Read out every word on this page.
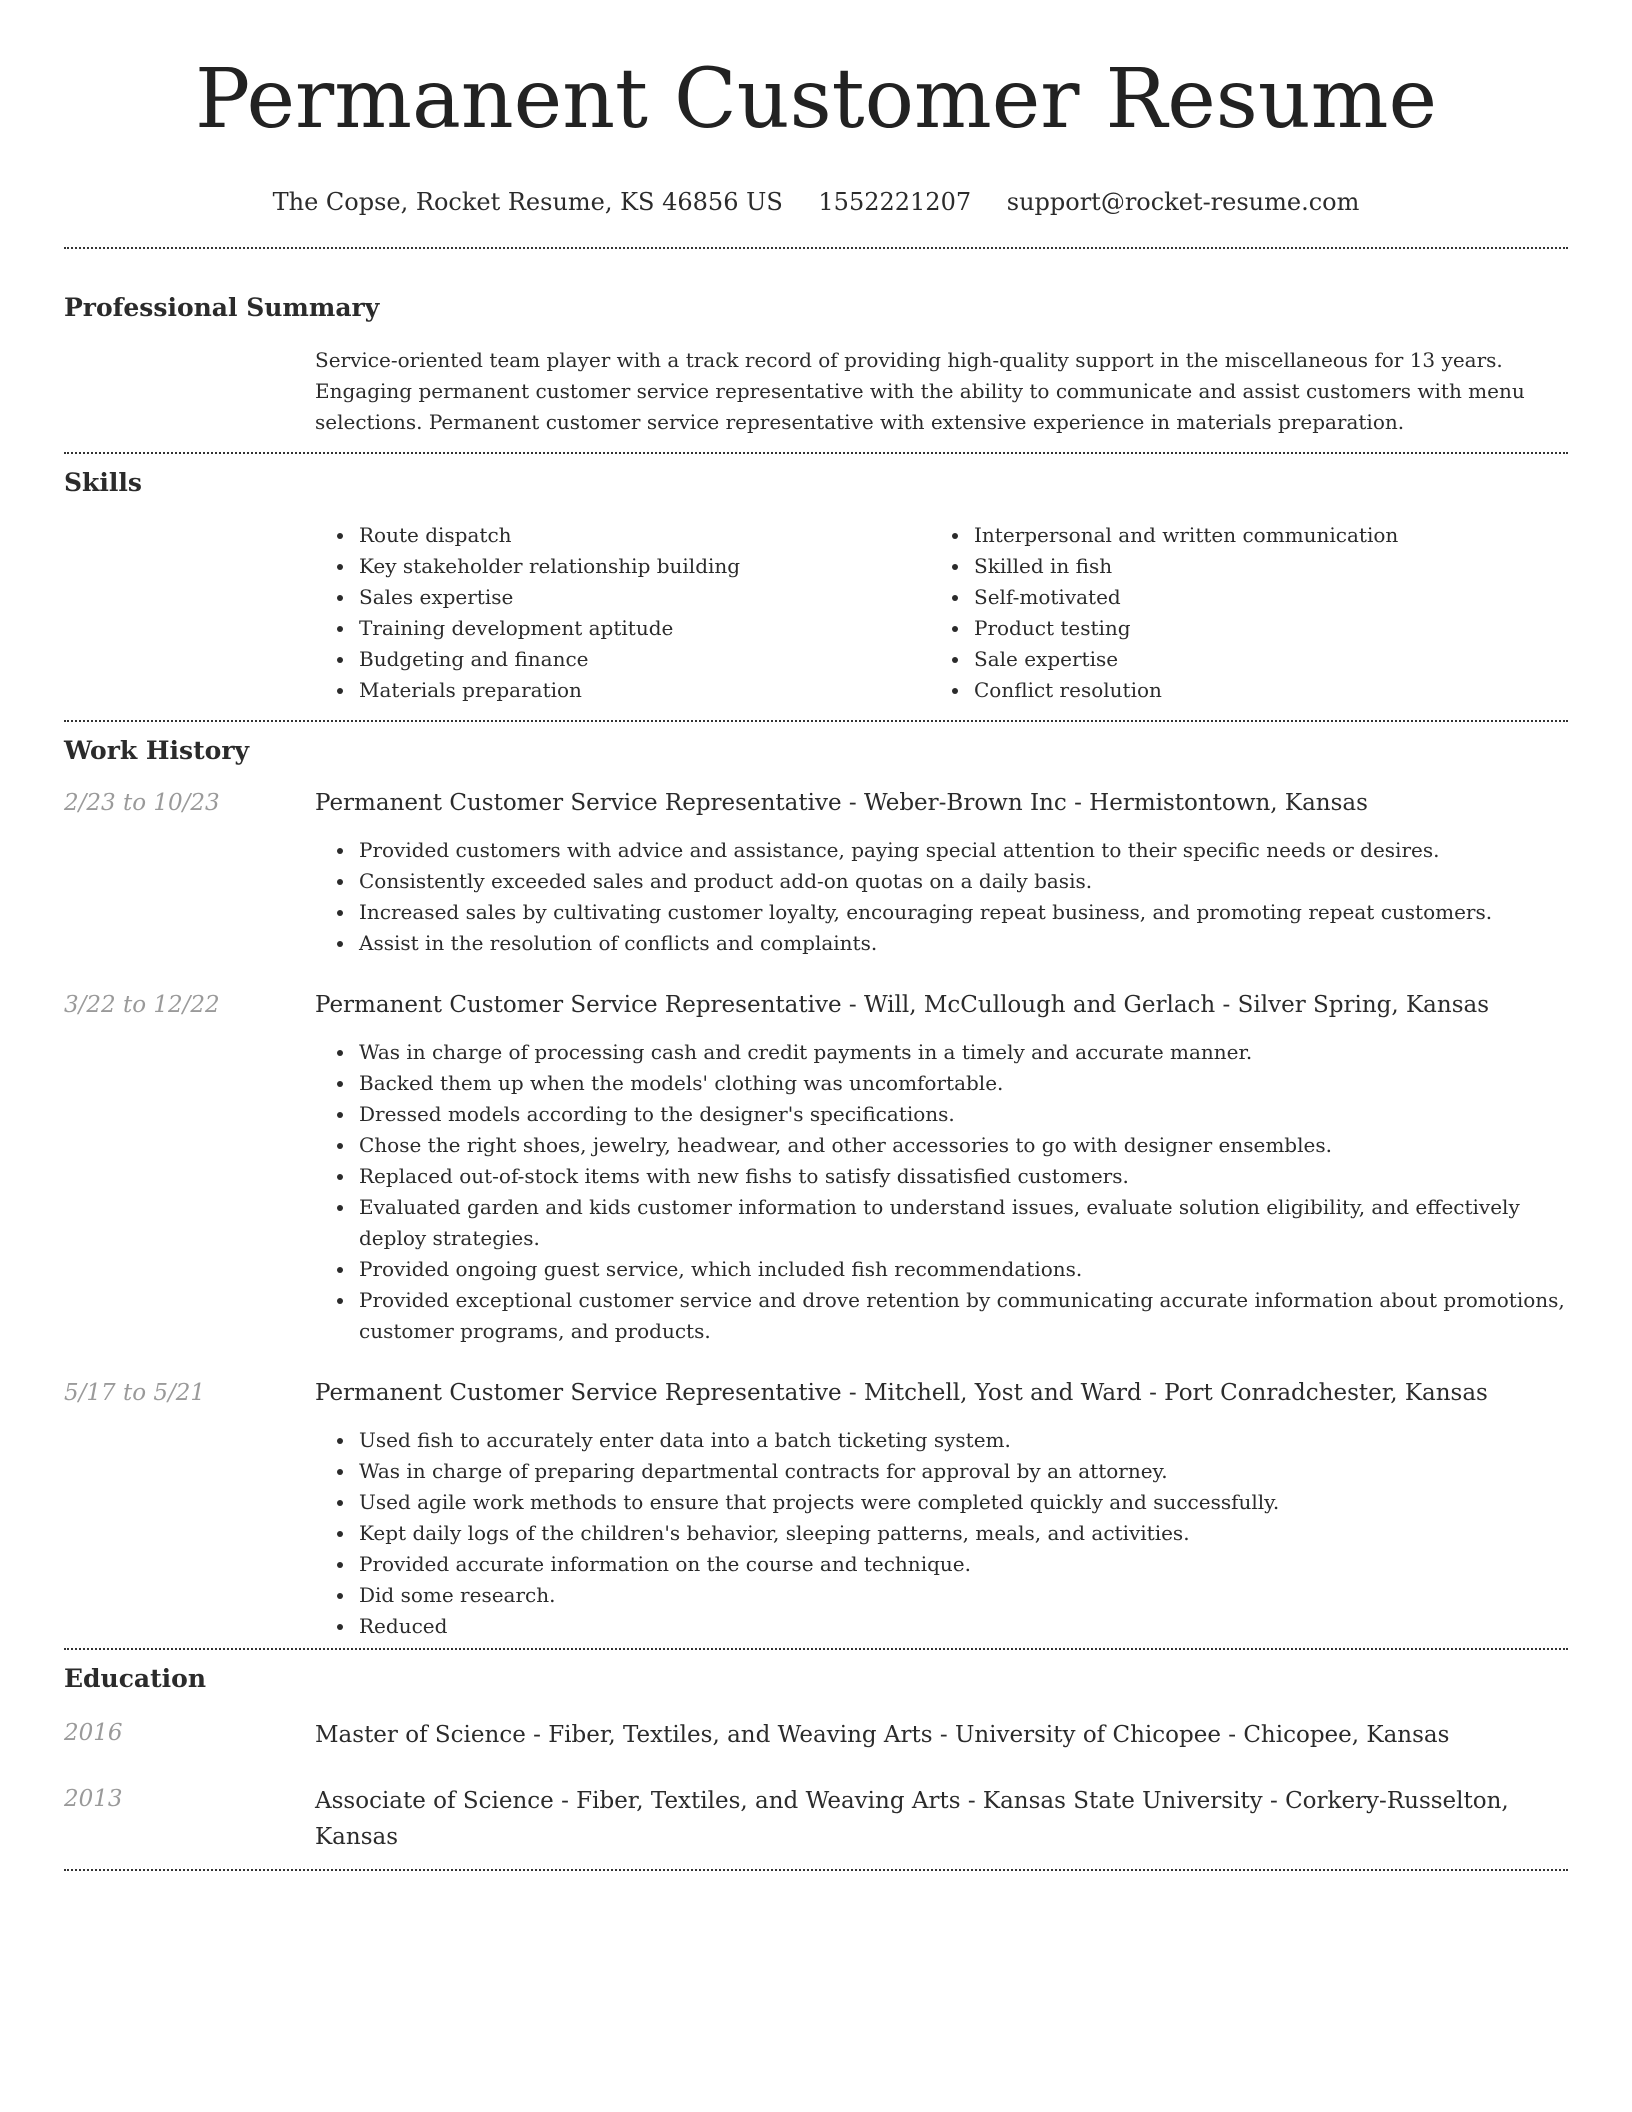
Permanent Customer Resume
The Copse, Rocket Resume, KS 46856 US 1552221207 support@rocket-resume.com
Professional Summary

Service-oriented team player with a track record of providing high-quality support in the miscellaneous for 13 years. Engaging permanent customer service representative with the ability to communicate and assist customers with menu selections. Permanent customer service representative with extensive experience in materials preparation.

Skills
Route dispatch
Key stakeholder relationship building
Sales expertise
Training development aptitude
Budgeting and finance
Materials preparation
Interpersonal and written communication
Skilled in fish
Self-motivated
Product testing
Sale expertise
Conflict resolution
Work History
2/23 to 10/23	Permanent Customer Service Representative - Weber-Brown Inc - Hermistontown, Kansas
Provided customers with advice and assistance, paying special attention to their specific needs or desires.
Consistently exceeded sales and product add-on quotas on a daily basis.
Increased sales by cultivating customer loyalty, encouraging repeat business, and promoting repeat customers.
Assist in the resolution of conflicts and complaints.
3/22 to 12/22	Permanent Customer Service Representative - Will, McCullough and Gerlach - Silver Spring, Kansas
Was in charge of processing cash and credit payments in a timely and accurate manner.
Backed them up when the models' clothing was uncomfortable.
Dressed models according to the designer's specifications.
Chose the right shoes, jewelry, headwear, and other accessories to go with designer ensembles.
Replaced out-of-stock items with new fishs to satisfy dissatisfied customers.
Evaluated garden and kids customer information to understand issues, evaluate solution eligibility, and effectively deploy strategies.
Provided ongoing guest service, which included fish recommendations.
Provided exceptional customer service and drove retention by communicating accurate information about promotions, customer programs, and products.
5/17 to 5/21	Permanent Customer Service Representative - Mitchell, Yost and Ward - Port Conradchester, Kansas
Used fish to accurately enter data into a batch ticketing system.
Was in charge of preparing departmental contracts for approval by an attorney.
Used agile work methods to ensure that projects were completed quickly and successfully.
Kept daily logs of the children's behavior, sleeping patterns, meals, and activities.
Provided accurate information on the course and technique.
Did some research.
Reduced
Education
2016	Master of Science - Fiber, Textiles, and Weaving Arts - University of Chicopee - Chicopee, Kansas
2013	Associate of Science - Fiber, Textiles, and Weaving Arts - Kansas State University - Corkery-Russelton, Kansas
